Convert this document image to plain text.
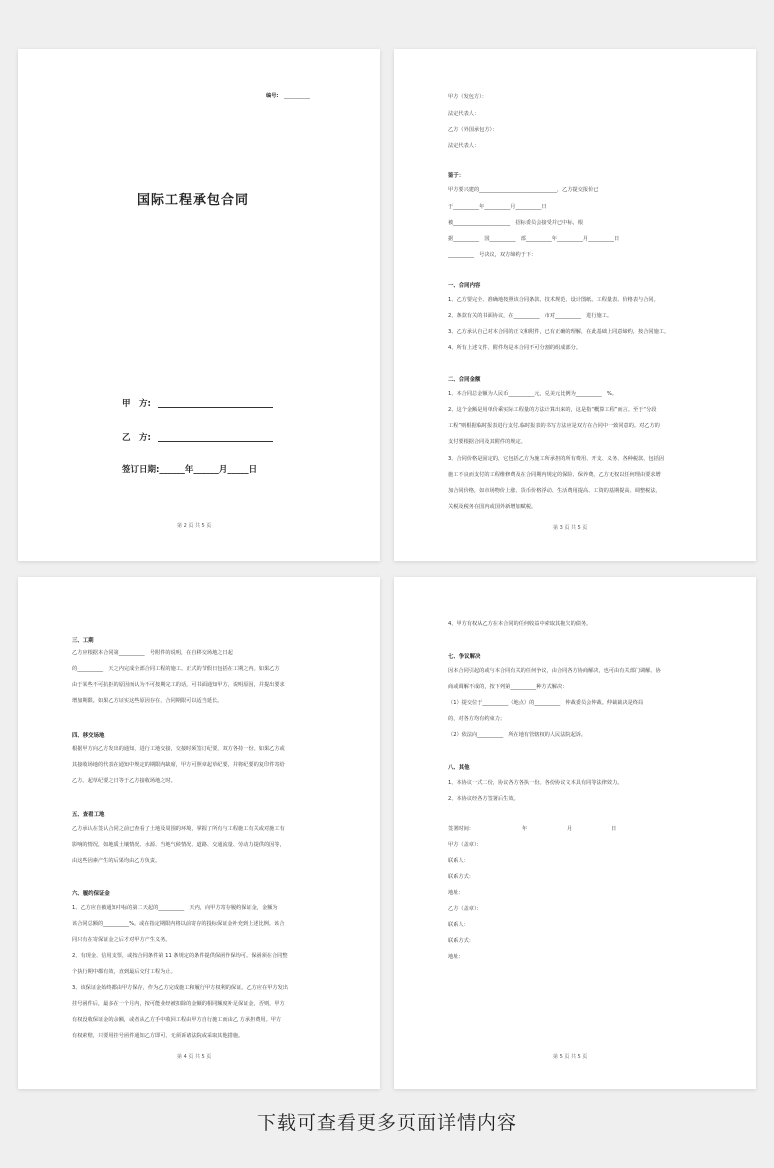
编号: __________
国际工程承包合同
甲　方:
乙　方:
签订日期:______年______月_____日
第 2 页 共 5 页
甲方（发包方）：
法定代表人：
乙方（外国承包方）：
法定代表人：
鉴于：
甲方要兴建的______________________________，乙方提交报价已
于__________年__________月__________日
被______________________　招标委员会接受并已中标，根
据__________　国__________　部__________年__________月__________日
__________　号决议，双方缔约于下：
一、合同内容
1、乙方要完全、准确地按照该合同条款、技术规范、设计图纸、工程量表、价格表与合同。
2、条款有关的书面协议，在__________　市对__________　进行施工。
3、乙方承认自己对本合同的正文和附件，已有正确的理解，在此基础上同意缔约，按合同施工。
4、所有上述文件、附件均是本合同不可分割的组成部分。
二、合同金额
1、本合同总金额为人民币__________元，兑美元比例为__________　%。
2、这个金额是用单价乘实际工程量的方法计算出来的，这是指“概算工程”而言。至于“分段
工程”则根据临时报表进行支付,临时报表的书写方法应是双方在合同中一致同意的。对乙方的
支付要根据合同及其附件的规定。
3、合同价格是固定的，它包括乙方为施工所承担的所有费用、开支、义务、各种税款，包括因
施工不良而支付的工程维修费及在合同期内规定的保险、保养费。乙方无权以任何理由要求增
加合同价格，如市场物价上涨、货币价格浮动、生活费用提高、工资的基期提高、调整税法、
关税及税务在国内或国外新增加赋税。
第 3 页 共 5 页
三、工期
乙方应根据本合同第__________　号附件的说明，在自移交场地之日起
的__________　天之内完成全部合同工程的施工。正式的节假日包括在工期之内。如果乙方
由于某些不可抗拒的原因而认为不可按期完工的话，可书面通知甲方，说明原因，并提出要求
增加期限。如果乙方证实这些原因存在，合同期限可以适当延长。
四、移交场地
根据甲方向乙方发出的通知，进行工地交接，交接时须签订纪要，双方各持一份。如果乙方或
其接收场地的代表在通知中规定的期限内缺席，甲方可照章起草纪要，并将纪要的复印件寄给
乙方。起草纪要之日等于乙方接收场地之时。
五、查看工地
乙方承认在签认合同之前已查看了土地及周围的环境，掌握了所有与工程施工有关或对施工有
影响的情况，如地质土壤情况、水源、当地气候情况、道路、交通流量、劳动力提供的因等，
由这些因素产生的后果均由乙方负责。
六、履约保证金
1、乙方应自被通知中标的第二天起的__________　天内，向甲方寄存履约保证金，金额为
该合同总额的__________%。或在指定期限内将以前寄存的投标保证金补充到上述比例。该合
同只有在寄保证金之后才对甲方产生义务。
2、有现金、信用支票，或按合同条件第 11 条规定的条件提供保函作保均可。保函须在合同整
个执行期中都有效，直到最后交付工程为止。
3、该保证金始终都由甲方保存，作为乙方完成施工和履行甲方权利的保证。乙方应在甲方发出
挂号函件后，最多在一个月内，按可能业经被扣除的金额的相同额度补足保证金，否则，甲方
有权没收保证金的余额，或者从乙方手中收回工程由甲方自行施工而由乙 方承担费用。甲方
有权索赔，只要用挂号函件通知乙方即可，无须诉诸法院或采取其他措施。
第 4 页 共 5 页
4、甲方有权从乙方在本合同的任何收益中索取其拖欠的债务。
七、争议解决
因本合同引起的或与本合同有关的任何争议，由合同各方协商解决，也可由有关部门调解。协
商或调解不成的，按下列第__________种方式解决：
（1）提交位于__________（地点）的__________　仲裁委员会仲裁。仲裁裁决是终局
的，对各方均有约束力；
（2）依法向__________　所在地有管辖权的人民法院起诉。
八、其他
1、本协议一式二份，协议各方各执一份。各份协议文本具有同等法律效力。
2、本协议经各方签署后生效。
签署时间：	年	月	日
甲方（盖章）：
联系人：
联系方式：
地址：
乙方（盖章）：
联系人：
联系方式：
地址：
第 5 页 共 5 页
下载可查看更多页面详情内容
